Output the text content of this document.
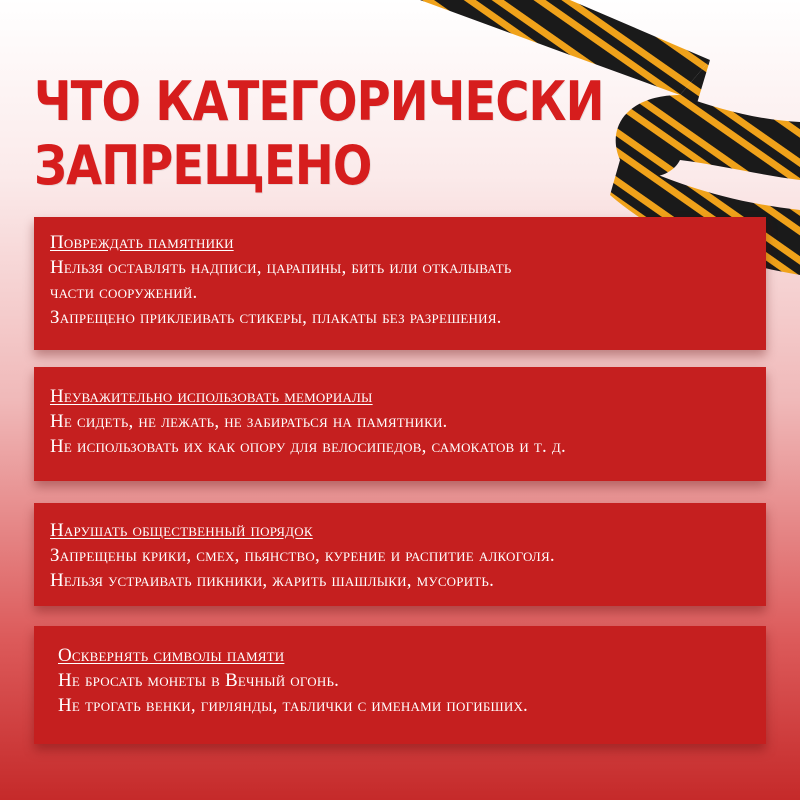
ЧТО КАТЕГОРИЧЕСКИ
ЗАПРЕЩЕНО
Повреждать памятники
Нельзя оставлять надписи, царапины, бить или откалывать
части сооружений.
Запрещено приклеивать стикеры, плакаты без разрешения.
Неуважительно использовать мемориалы
Не сидеть, не лежать, не забираться на памятники.
Не использовать их как опору для велосипедов, самокатов и т. д.
Нарушать общественный порядок
Запрещены крики, смех, пьянство, курение и распитие алкоголя.
Нельзя устраивать пикники, жарить шашлыки, мусорить.
Осквернять символы памяти
Не бросать монеты в Вечный огонь.
Не трогать венки, гирлянды, таблички с именами погибших.
